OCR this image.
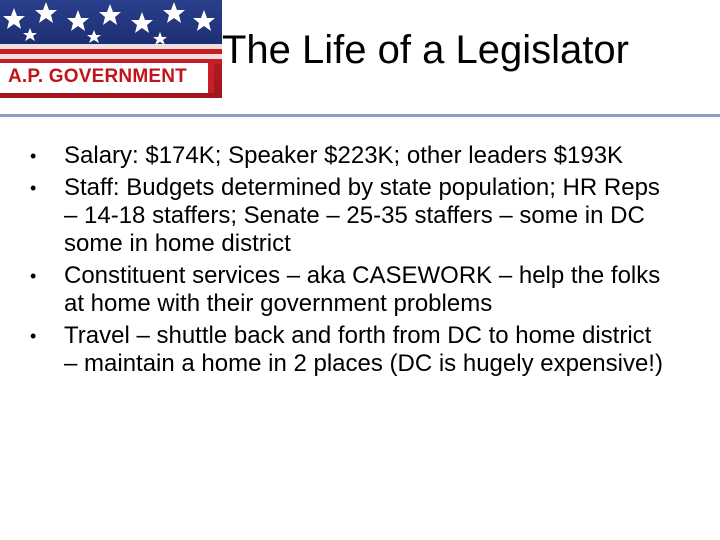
A.P. GOVERNMENT
The Life of a Legislator
• Salary: $174K; Speaker $223K; other leaders $193K
• Staff: Budgets determined by state population; HR Reps – 14-18 staffers; Senate – 25-35 staffers – some in DC some in home district
• Constituent services – aka CASEWORK – help the folks at home with their government problems
• Travel – shuttle back and forth from DC to home district – maintain a home in 2 places (DC is hugely expensive!)
